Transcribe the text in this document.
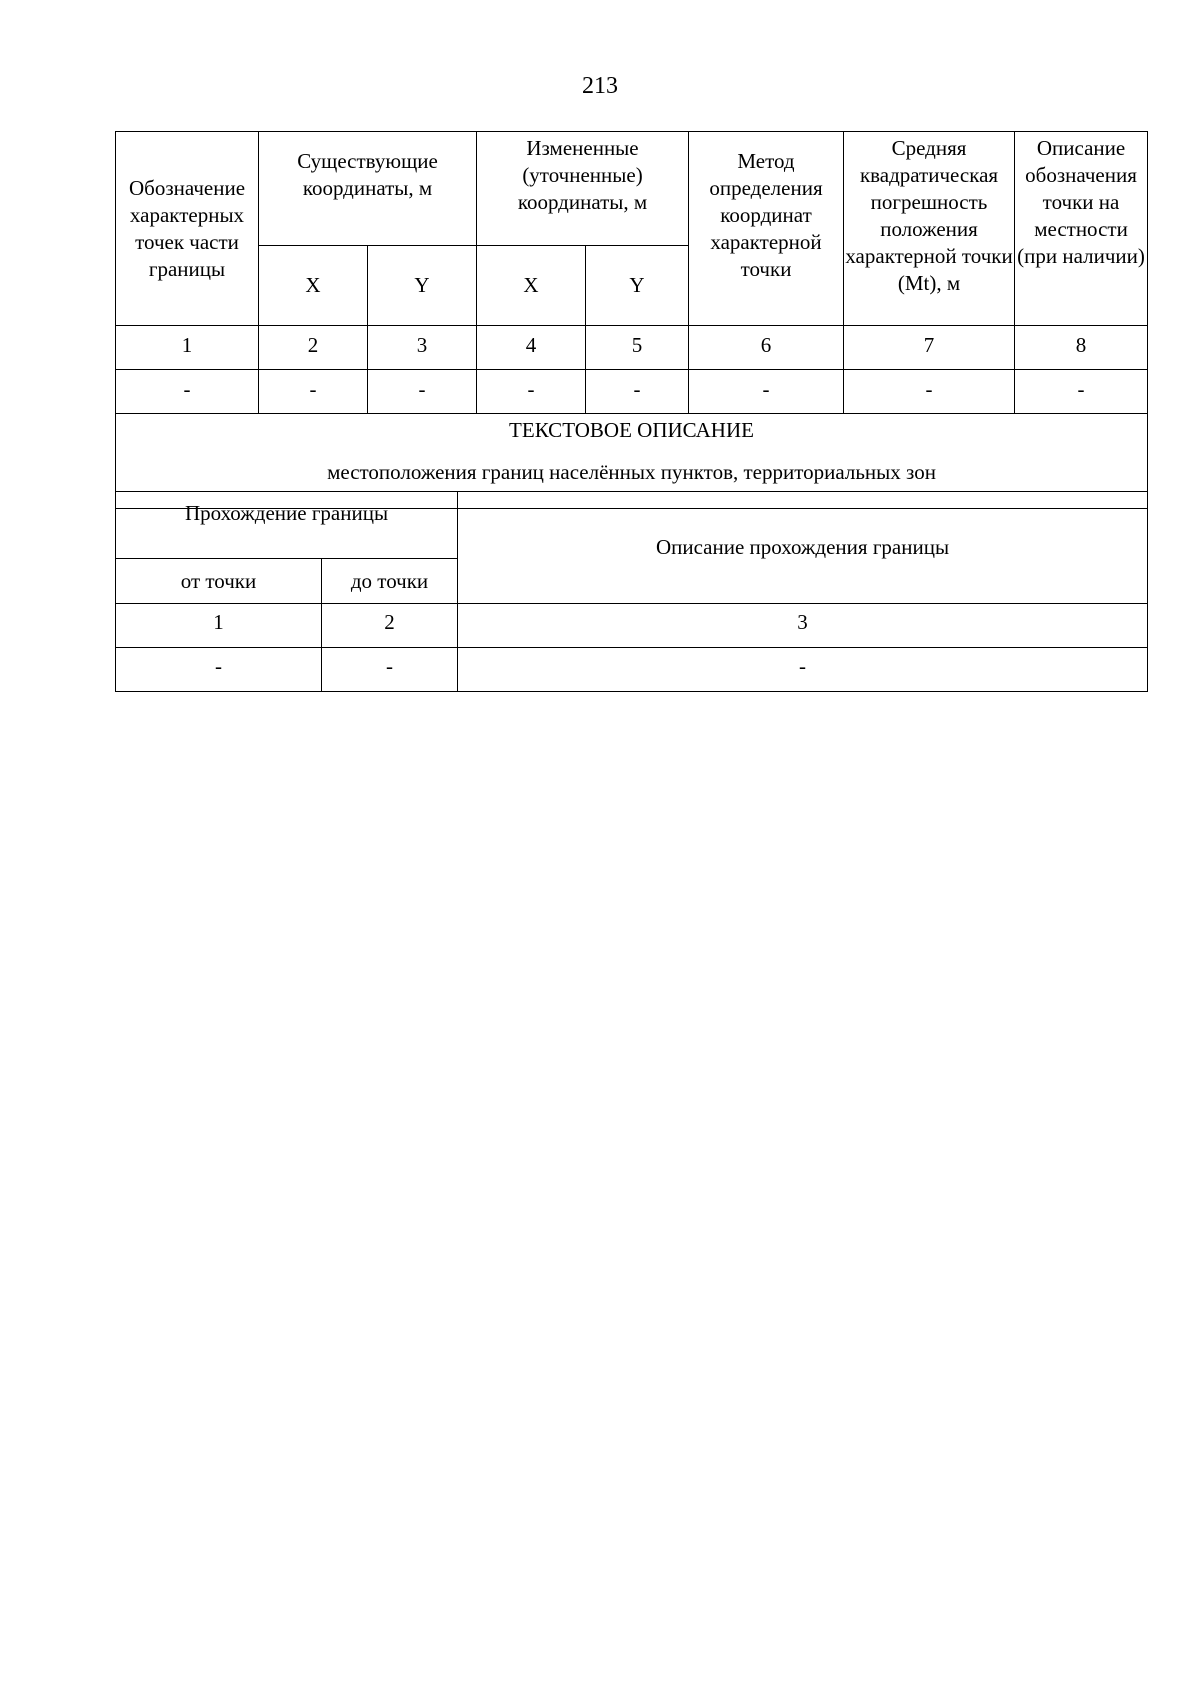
213
Обозначение характерных точек части границы	Существующие координаты, м		Измененные (уточненные) координаты, м		Метод определения координат характерной точки	Средняя квадратическая погрешность положения характерной точки (Mt), м	Описание обозначения точки на местности (при наличии)
	X	Y	X	Y			
1	2	3	4	5	6	7	8
-	-	-	-	-	-	-	-

ТЕКСТОВОЕ ОПИСАНИЕ
местоположения границ населённых пунктов, территориальных зон							
Прохождение границы		Описание прохождения границы
от точки	до точки	
1	2	3
-	-	-
